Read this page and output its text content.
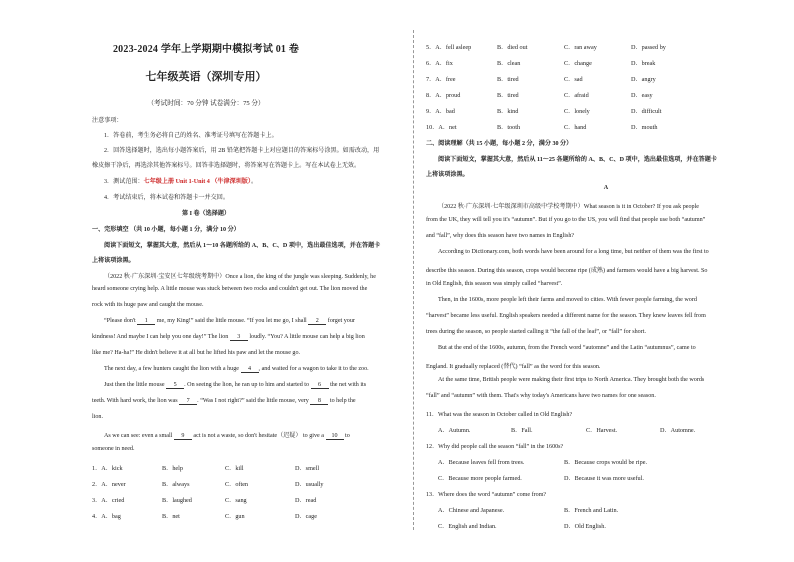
2023-2024 学年上学期期中模拟考试 01 卷
七年级英语（深圳专用）
（考试时间：70 分钟 试卷满分：75 分）
注意事项：
1．答卷前，考生务必将自己的姓名、准考证号填写在答题卡上。
2．回答选择题时，选出每小题答案后，用 2B 铅笔把答题卡上对应题目的答案标号涂黑。如需改动，用
橡皮擦干净后，再选涂其他答案标号。回答非选择题时，将答案写在答题卡上。写在本试卷上无效。
3．测试范围：七年级上册 Unit 1-Unit 4 （牛津深圳版）。
4．考试结束后，将本试卷和答题卡一并交回。
第 I 卷（选择题）
一、完形填空 （共 10 小题，每小题 1 分，满分 10 分）
阅读下面短文，掌握其大意，然后从 1～10 各题所给的 A、B、C、D 项中，选出最佳选项，并在答题卡
上将该项涂黑。
（2022 秋·广东深圳·宝安区七年级统考期中）Once a lion, the king of the jungle was sleeping. Suddenly, he
heard someone crying help. A little mouse was stuck between two rocks and couldn't get out. The lion moved the
rock with its huge paw and caught the mouse.
“Please don't 1 me, my King!” said the little mouse. “If you let me go, I shall 2 forget your
kindness! And maybe I can help you one day!” The lion 3 loudly. “You? A little mouse can help a big lion
like me? Ha-ha!” He didn't believe it at all but he lifted his paw and let the mouse go.
The next day, a few hunters caught the lion with a huge 4 , and waited for a wagon to take it to the zoo.
Just then the little mouse 5 . On seeing the lion, he ran up to him and started to 6 the net with its
teeth. With hard work, the lion was 7 . “Was I not right?” said the little mouse, very 8 to help the
lion.
As we can see: even a small 9 act is not a waste, so don't hesitate（迟疑） to give a 10 to
someone in need.
1．A．kick	B．help	C．kill	D．smell
2．A．never	B．always	C．often	D．usually
3．A．cried	B．laughed	C．sang	D．read
4．A．bag	B．net	C．gun	D．cage
5．A．fell asleep	B．died out	C．ran away	D．passed by
6．A．fix	B．clean	C．change	D．break
7．A．free	B．tired	C．sad	D．angry
8．A．proud	B．tired	C．afraid	D．easy
9．A．bad	B．kind	C．lonely	D．difficult
10．A．net	B．tooth	C．hand	D．mouth
二、阅读理解（共 15 小题，每小题 2 分，满分 30 分）
阅读下面短文，掌握其大意，然后从 11～25 各题所给的 A、B、C、D 项中，选出最佳选项，并在答题卡
上将该项涂黑。
A
（2022 秋·广东深圳·七年级深圳市高级中学校考期中）What season is it in October? If you ask people
from the UK, they will tell you it's “autumn”. But if you go to the US, you will find that people use both “autumn”
and “fall”, why does this season have two names in English?
According to Dictionary.com, both words have been around for a long time, but neither of them was the first to
describe this season. During this season, crops would become ripe (成熟) and farmers would have a big harvest. So
in Old English, this season was simply called “harvest”.
Then, in the 1600s, more people left their farms and moved to cities. With fewer people farming, the word
“harvest” became less useful. English speakers needed a different name for the season. They knew leaves fell from
trees during the season, so people started calling it “the fall of the leaf”, or “fall” for short.
But at the end of the 1600s, autumn, from the French word “automne” and the Latin “autumnus”, came to
England. It gradually replaced (替代) “fall” as the word for this season.
At the same time, British people were making their first trips to North America. They brought both the words
“fall” and “autumn” with them. That's why today's Americans have two names for one season.
11．What was the season in October called in Old English?
A．Autumn.	B．Fall.	C．Harvest.	D．Automne.
12．Why did people call the season “fall” in the 1600s?
A．Because leaves fell from trees.	B．Because crops would be ripe.
C．Because more people farmed.	D．Because it was more useful.
13．Where does the word “autumn” come from?
A．Chinese and Japanese.	B．French and Latin.
C．English and Indian.	D．Old English.
